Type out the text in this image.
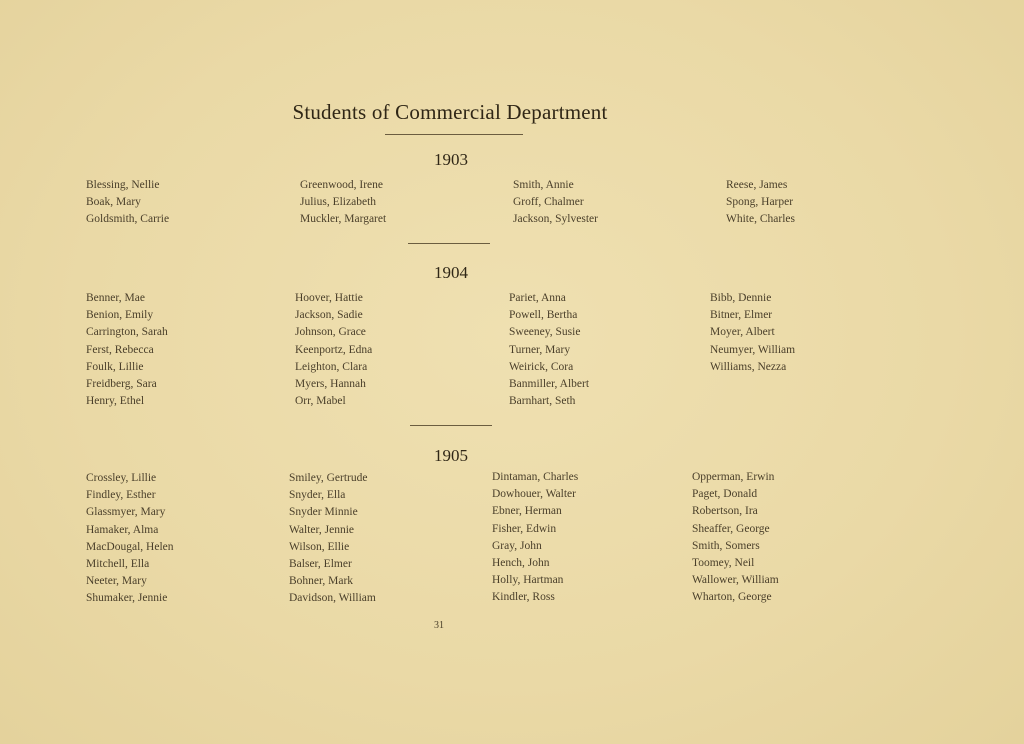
Students of Commercial Department
1903
Blessing, Nellie
Boak, Mary
Goldsmith, Carrie
Greenwood, Irene
Julius, Elizabeth
Muckler, Margaret
Smith, Annie
Groff, Chalmer
Jackson, Sylvester
Reese, James
Spong, Harper
White, Charles
1904
Benner, Mae
Benion, Emily
Carrington, Sarah
Ferst, Rebecca
Foulk, Lillie
Freidberg, Sara
Henry, Ethel
Hoover, Hattie
Jackson, Sadie
Johnson, Grace
Keenportz, Edna
Leighton, Clara
Myers, Hannah
Orr, Mabel
Pariet, Anna
Powell, Bertha
Sweeney, Susie
Turner, Mary
Weirick, Cora
Banmiller, Albert
Barnhart, Seth
Bibb, Dennie
Bitner, Elmer
Moyer, Albert
Neumyer, William
Williams, Nezza
1905
Crossley, Lillie
Findley, Esther
Glassmyer, Mary
Hamaker, Alma
MacDougal, Helen
Mitchell, Ella
Neeter, Mary
Shumaker, Jennie
Smiley, Gertrude
Snyder, Ella
Snyder Minnie
Walter, Jennie
Wilson, Ellie
Balser, Elmer
Bohner, Mark
Davidson, William
Dintaman, Charles
Dowhouer, Walter
Ebner, Herman
Fisher, Edwin
Gray, John
Hench, John
Holly, Hartman
Kindler, Ross
Opperman, Erwin
Paget, Donald
Robertson, Ira
Sheaffer, George
Smith, Somers
Toomey, Neil
Wallower, William
Wharton, George
31
